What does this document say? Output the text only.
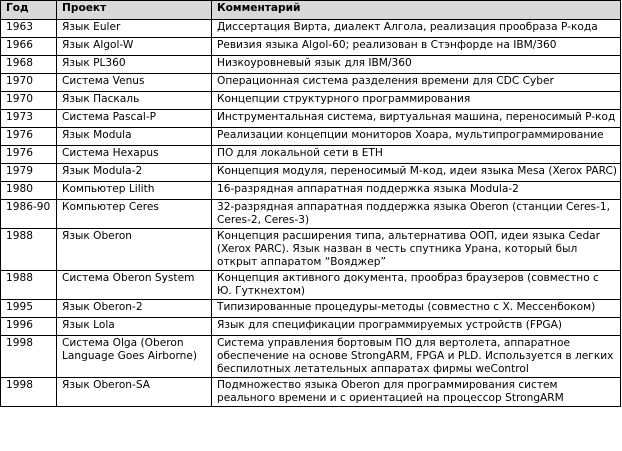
Год	Проект	Комментарий
1963	Язык Euler	Диссертация Вирта, диалект Алгола, реализация прообраза P-кода
1966	Язык Algol-W	Ревизия языка Algol-60; реализован в Стэнфорде на IBM/360
1968	Язык PL360	Низкоуровневый язык для IBM/360
1970	Система Venus	Операционная система разделения времени для CDC Cyber
1970	Язык Паскаль	Концепции структурного программирования
1973	Система Pascal-P	Инструментальная система, виртуальная машина, переносимый P-код
1976	Язык Modula	Реализации концепции мониторов Хоара, мультипрограммирование
1976	Система Hexapus	ПО для локальной сети в ETH
1979	Язык Modula-2	Концепция модуля, переносимый M-код, идеи языка Mesa (Xerox PARC)
1980	Компьютер Lilith	16-разрядная аппаратная поддержка языка Modula-2
1986-90	Компьютер Ceres	32-разрядная аппаратная поддержка языка Oberon (станции Ceres-1, Ceres-2, Ceres-3)
1988	Язык Oberon	Концепция расширения типа, альтернатива ООП, идеи языка Cedar (Xerox PARC). Язык назван в честь спутника Урана, который был открыт аппаратом “Вояджер”
1988	Система Oberon System	Концепция активного документа, прообраз браузеров (совместно с Ю. Гуткнехтом)
1995	Язык Oberon-2	Типизированные процедуры-методы (совместно с Х. Мессенбоком)
1996	Язык Lola	Язык для спецификации программируемых устройств (FPGA)
1998	Система Olga (Oberon Language Goes Airborne)	Система управления бортовым ПО для вертолета, аппаратное обеспечение на основе StrongARM, FPGA и PLD. Используется в легких беспилотных летательных аппаратах фирмы weControl
1998	Язык Oberon-SA	Подмножество языка Oberon для программирования систем реального времени и с ориентацией на процессор StrongARM
